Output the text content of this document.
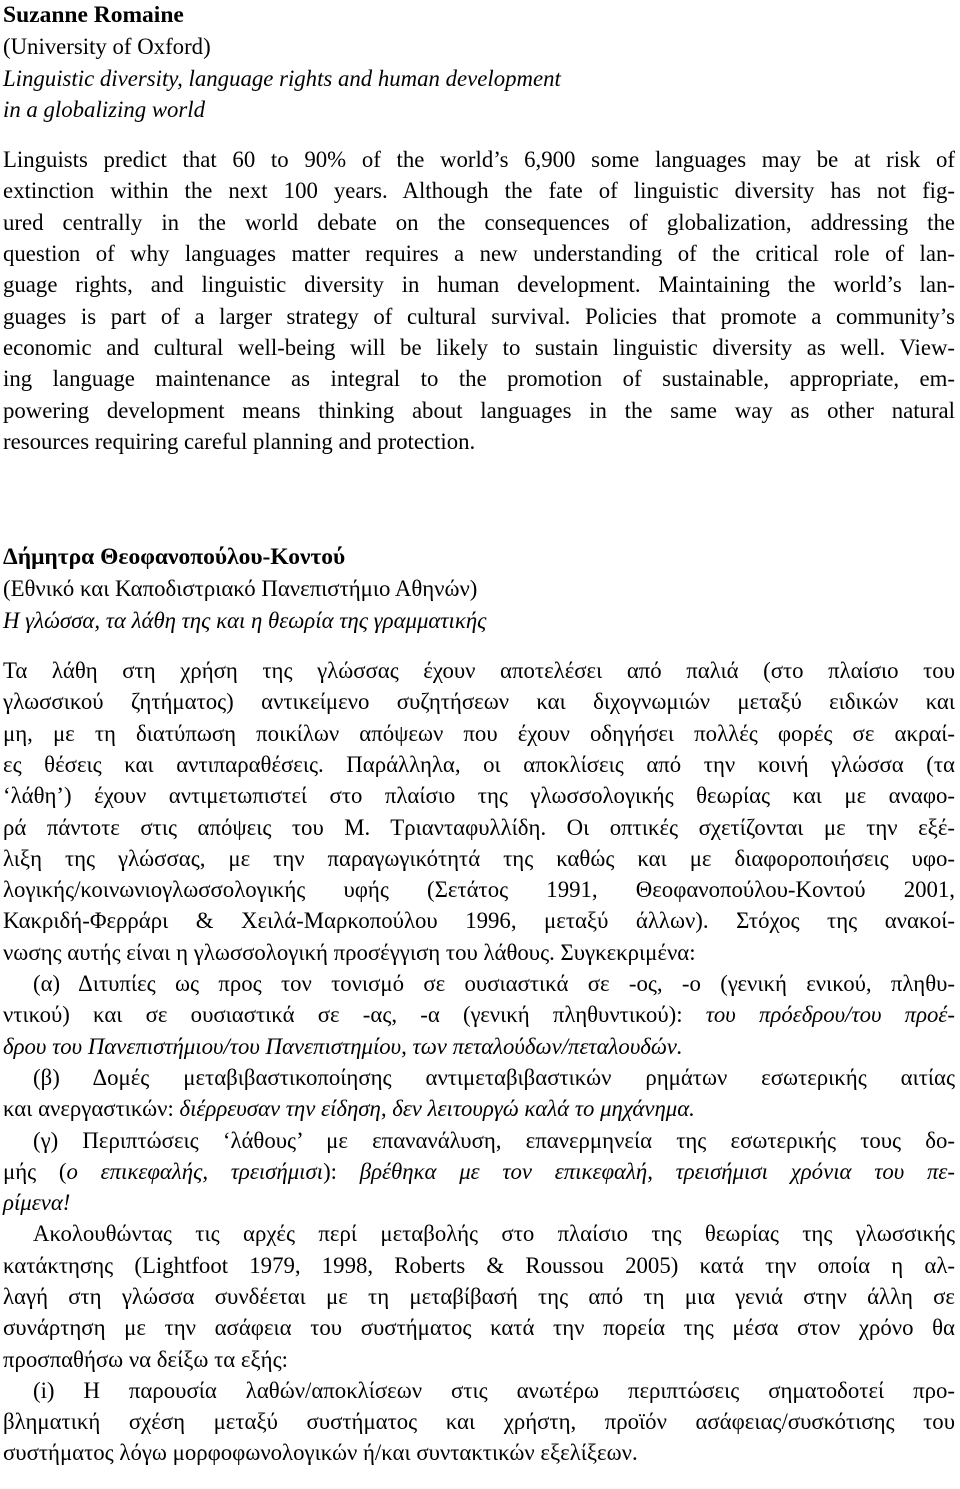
Suzanne Romaine
(University of Oxford)
Linguistic diversity, language rights and human development
in a globalizing world
Linguists predict that 60 to 90% of the world’s 6,900 some languages may be at risk of
extinction within the next 100 years. Although the fate of linguistic diversity has not fig-
ured centrally in the world debate on the consequences of globalization, addressing the
question of why languages matter requires a new understanding of the critical role of lan-
guage rights, and linguistic diversity in human development. Maintaining the world’s lan-
guages is part of a larger strategy of cultural survival. Policies that promote a community’s
economic and cultural well-being will be likely to sustain linguistic diversity as well. View-
ing language maintenance as integral to the promotion of sustainable, appropriate, em-
powering development means thinking about languages in the same way as other natural
resources requiring careful planning and protection.
Δήμητρα Θεοφανοπούλου-Κοντού
(Εθνικό και Καποδιστριακό Πανεπιστήμιο Αθηνών)
Η γλώσσα, τα λάθη της και η θεωρία της γραμματικής
Τα λάθη στη χρήση της γλώσσας έχουν αποτελέσει από παλιά (στο πλαίσιο του
γλωσσικού ζητήματος) αντικείμενο συζητήσεων και διχογνωμιών μεταξύ ειδικών και
μη, με τη διατύπωση ποικίλων απόψεων που έχουν οδηγήσει πολλές φορές σε ακραί-
ες θέσεις και αντιπαραθέσεις. Παράλληλα, οι αποκλίσεις από την κοινή γλώσσα (τα
‘λάθη’) έχουν αντιμετωπιστεί στο πλαίσιο της γλωσσολογικής θεωρίας και με αναφο-
ρά πάντοτε στις απόψεις του Μ. Τριανταφυλλίδη. Οι οπτικές σχετίζονται με την εξέ-
λιξη της γλώσσας, με την παραγωγικότητά της καθώς και με διαφοροποιήσεις υφο-
λογικής/κοινωνιογλωσσολογικής υφής (Σετάτος 1991, Θεοφανοπούλου-Κοντού 2001,
Κακριδή-Φερράρι & Χειλά-Μαρκοπούλου 1996, μεταξύ άλλων). Στόχος της ανακοί-
νωσης αυτής είναι η γλωσσολογική προσέγγιση του λάθους. Συγκεκριμένα:
(α) Διτυπίες ως προς τον τονισμό σε ουσιαστικά σε -ος, -ο (γενική ενικού, πληθυ-
ντικού) και σε ουσιαστικά σε -ας, -α (γενική πληθυντικού): του πρόεδρου/του προέ-
δρου του Πανεπιστήμιου/του Πανεπιστημίου, των πεταλούδων/πεταλουδών.
(β) Δομές μεταβιβαστικοποίησης αντιμεταβιβαστικών ρημάτων εσωτερικής αιτίας
και ανεργαστικών: διέρρευσαν την είδηση, δεν λειτουργώ καλά το μηχάνημα.
(γ) Περιπτώσεις ‘λάθους’ με επανανάλυση, επανερμηνεία της εσωτερικής τους δο-
μής (ο επικεφαλής, τρεισήμισι): βρέθηκα με τον επικεφαλή, τρεισήμισι χρόνια του πε-
ρίμενα!
Ακολουθώντας τις αρχές περί μεταβολής στο πλαίσιο της θεωρίας της γλωσσικής
κατάκτησης (Lightfoot 1979, 1998, Roberts & Roussou 2005) κατά την οποία η αλ-
λαγή στη γλώσσα συνδέεται με τη μεταβίβασή της από τη μια γενιά στην άλλη σε
συνάρτηση με την ασάφεια του συστήματος κατά την πορεία της μέσα στον χρόνο θα
προσπαθήσω να δείξω τα εξής:
(i) Η παρουσία λαθών/αποκλίσεων στις ανωτέρω περιπτώσεις σηματοδοτεί προ-
βληματική σχέση μεταξύ συστήματος και χρήστη, προϊόν ασάφειας/συσκότισης του
συστήματος λόγω μορφοφωνολογικών ή/και συντακτικών εξελίξεων.
